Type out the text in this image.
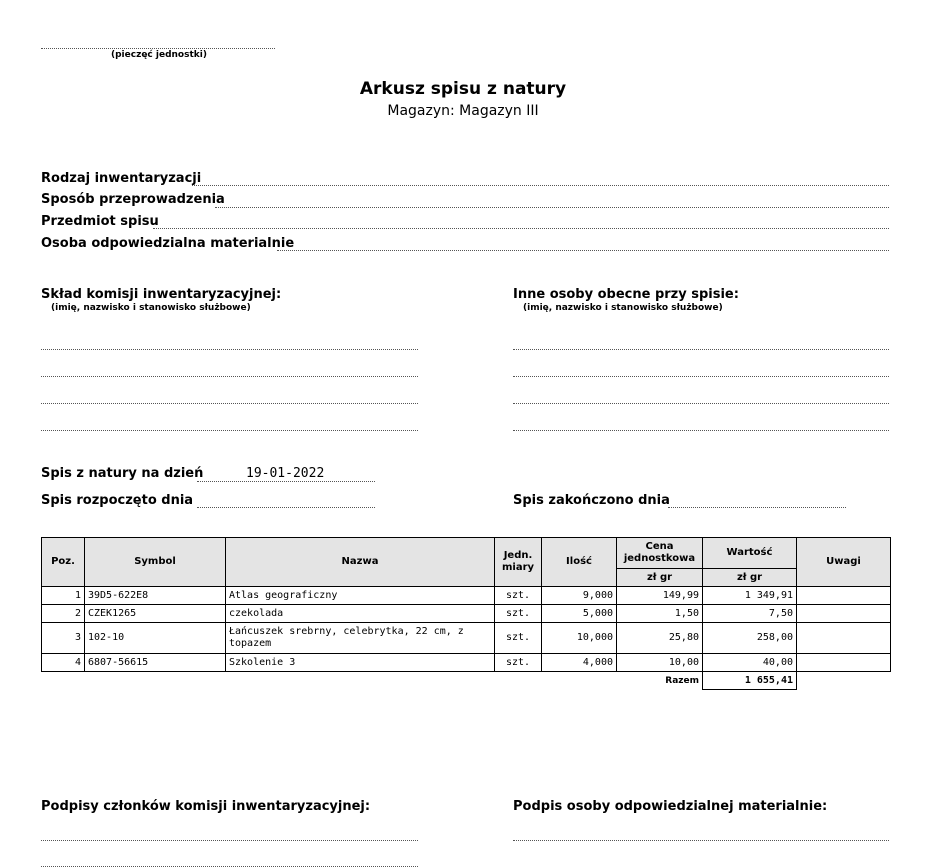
(pieczęć jednostki)
Arkusz spisu z natury
Magazyn: Magazyn III
Rodzaj inwentaryzacji
Sposób przeprowadzenia
Przedmiot spisu
Osoba odpowiedzialna materialnie
Skład komisji inwentaryzacyjnej:
(imię, nazwisko i stanowisko służbowe)
Inne osoby obecne przy spisie:
(imię, nazwisko i stanowisko służbowe)
Spis z natury na dzień	19-01-2022
Spis rozpoczęto dnia	Spis zakończono dnia
Poz.	Symbol	Nazwa	Jedn. miary	Ilość	Cena jednostkowa	Wartość	Uwagi
					zł gr	zł gr	
1	39D5-622E8	Atlas geograficzny	szt.	9,000	149,99	1 349,91	
2	CZEK1265	czekolada	szt.	5,000	1,50	7,50	
3	102-10	Łańcuszek srebrny, celebrytka, 22 cm, z topazem	szt.	10,000	25,80	258,00	
4	6807-56615	Szkolenie 3	szt.	4,000	10,00	40,00	
					Razem	1 655,41	
Podpisy członków komisji inwentaryzacyjnej:	Podpis osoby odpowiedzialnej materialnie:
